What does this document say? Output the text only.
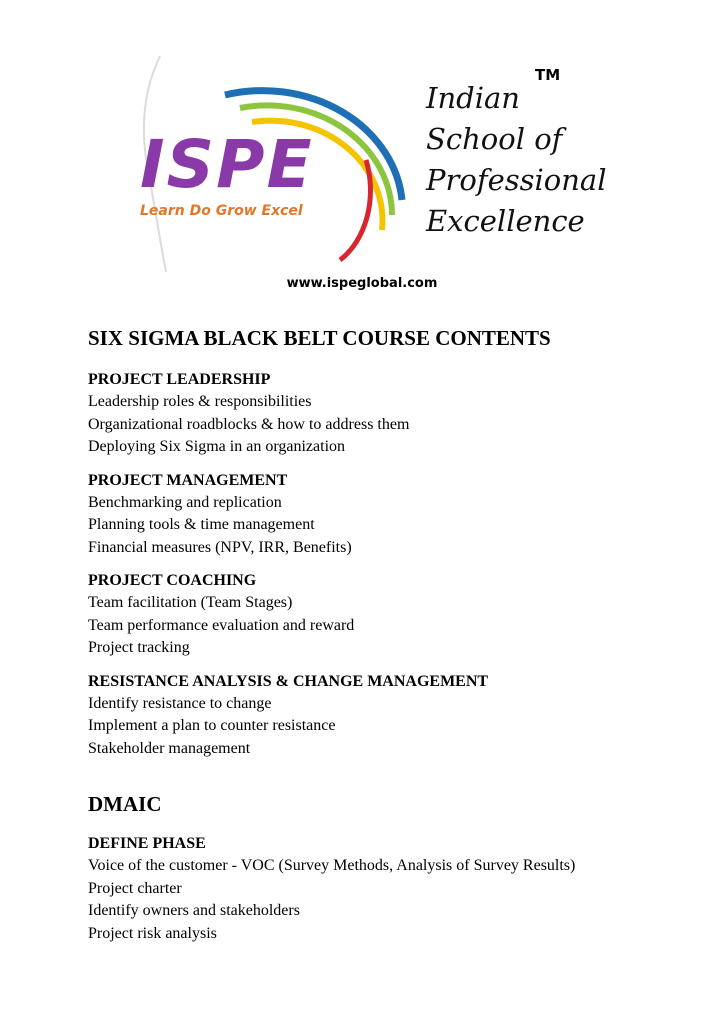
ISPE
Learn Do Grow Excel
Indian
School of
Professional
Excellence
TM
www.ispeglobal.com
SIX SIGMA BLACK BELT COURSE CONTENTS
PROJECT LEADERSHIP
Leadership roles & responsibilities
Organizational roadblocks & how to address them
Deploying Six Sigma in an organization
PROJECT MANAGEMENT
Benchmarking and replication
Planning tools & time management
Financial measures (NPV, IRR, Benefits)
PROJECT COACHING
Team facilitation (Team Stages)
Team performance evaluation and reward
Project tracking
RESISTANCE ANALYSIS & CHANGE MANAGEMENT
Identify resistance to change
Implement a plan to counter resistance
Stakeholder management
DMAIC
DEFINE PHASE
Voice of the customer - VOC (Survey Methods, Analysis of Survey Results)
Project charter
Identify owners and stakeholders
Project risk analysis
